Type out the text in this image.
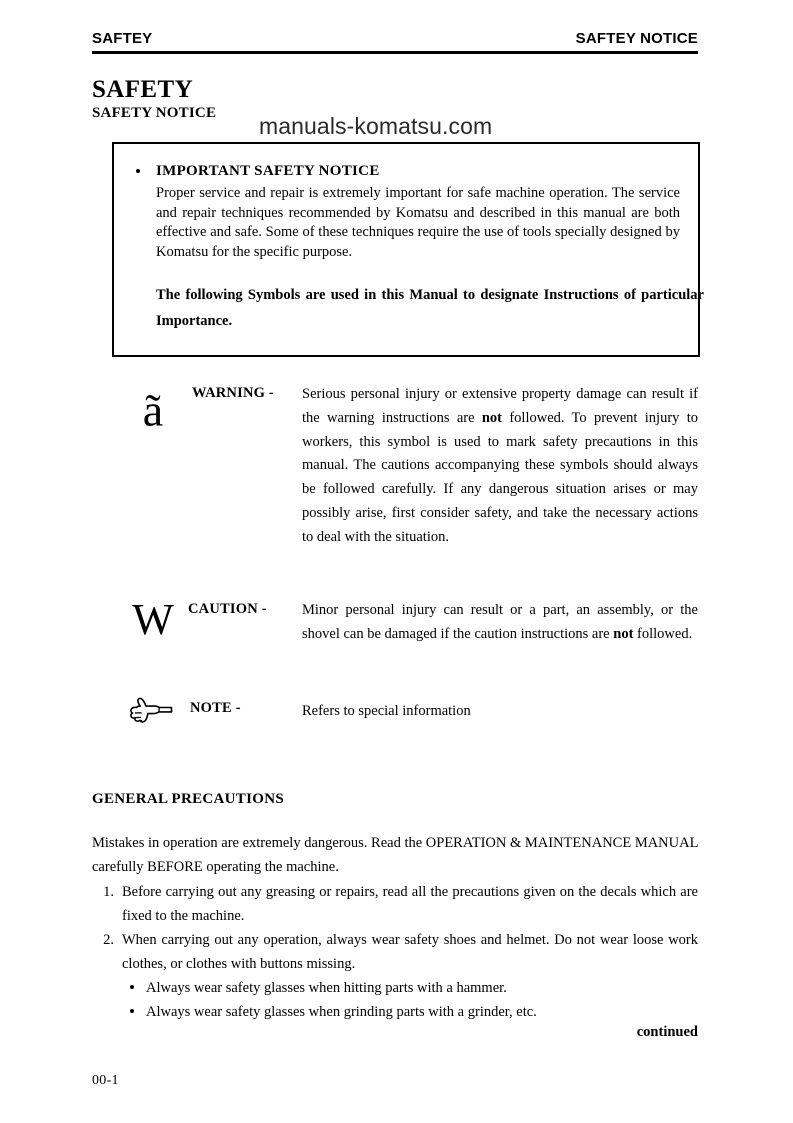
SAFTEY	SAFTEY NOTICE
SAFETY
SAFETY NOTICE manuals-komatsu.com
IMPORTANT SAFETY NOTICE
Proper service and repair is extremely important for safe machine operation. The service and repair techniques recommended by Komatsu and described in this manual are both effective and safe. Some of these techniques require the use of tools specially designed by Komatsu for the specific purpose.
The following Symbols are used in this Manual to designate Instructions of particular Importance.
ã	WARNING - Serious personal injury or extensive property damage can result if the warning instructions are not followed. To prevent injury to workers, this symbol is used to mark safety precautions in this manual. The cautions accompanying these symbols should always be followed carefully. If any dangerous situation arises or may possibly arise, first consider safety, and take the necessary actions to deal with the situation.
W CAUTION - Minor personal injury can result or a part, an assembly, or the shovel can be damaged if the caution instructions are not followed.
NOTE -	Refers to special information
GENERAL PRECAUTIONS
Mistakes in operation are extremely dangerous. Read the OPERATION & MAINTENANCE MANUAL carefully BEFORE operating the machine.
1. Before carrying out any greasing or repairs, read all the precautions given on the decals which are fixed to the machine.
2. When carrying out any operation, always wear safety shoes and helmet. Do not wear loose work clothes, or clothes with buttons missing.
Always wear safety glasses when hitting parts with a hammer.
Always wear safety glasses when grinding parts with a grinder, etc.
continued
00-1
